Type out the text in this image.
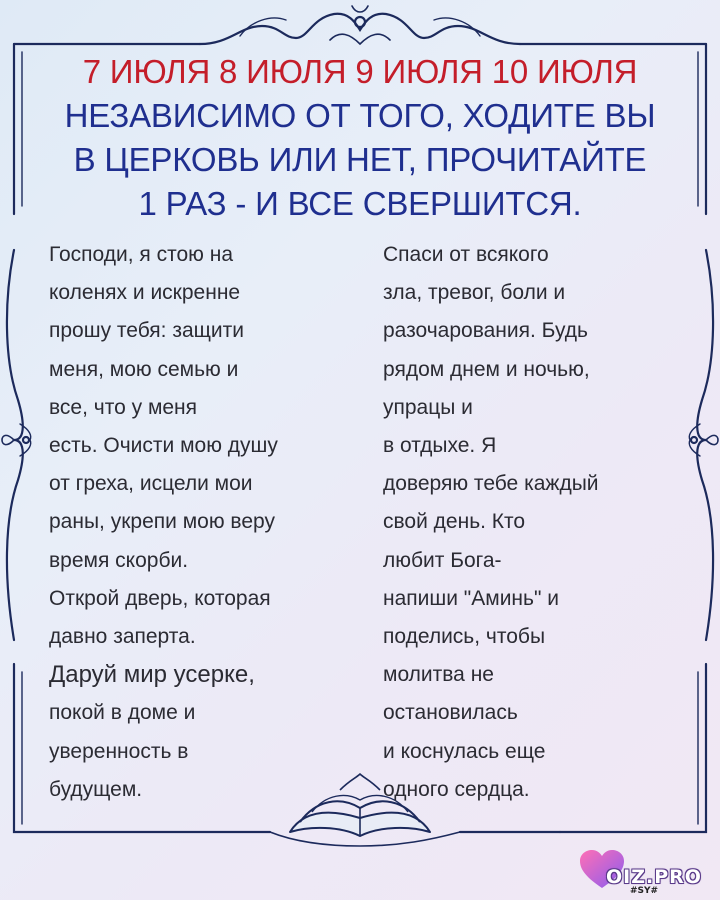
7 ИЮЛЯ 8 ИЮЛЯ 9 ИЮЛЯ 10 ИЮЛЯ
НЕЗАВИСИМО ОТ ТОГО, ХОДИТЕ ВЫ
В ЦЕРКОВЬ ИЛИ НЕТ, ПРОЧИТАЙТЕ
1 РАЗ - И ВСЕ СВЕРШИТСЯ.
Господи, я стою на
коленях и искренне
прошу тебя: защити
меня, мою семью и
все, что у меня
есть. Очисти мою душу
от греха, исцели мои
раны, укрепи мою веру
время скорби.
Открой дверь, которая
давно заперта.
Даруй мир усерке,
покой в доме и
уверенность в
будущем.
Спаси от всякого
зла, тревог, боли и
разочарования. Будь
рядом днем и ночью,
упрацы и
в отдыхе. Я
доверяю тебе каждый
свой день. Кто
любит Бога-
напиши "Аминь" и
поделись, чтобы
молитва не
остановилась
и коснулась еще
одного сердца.
OIZ.PRO
#SY#
